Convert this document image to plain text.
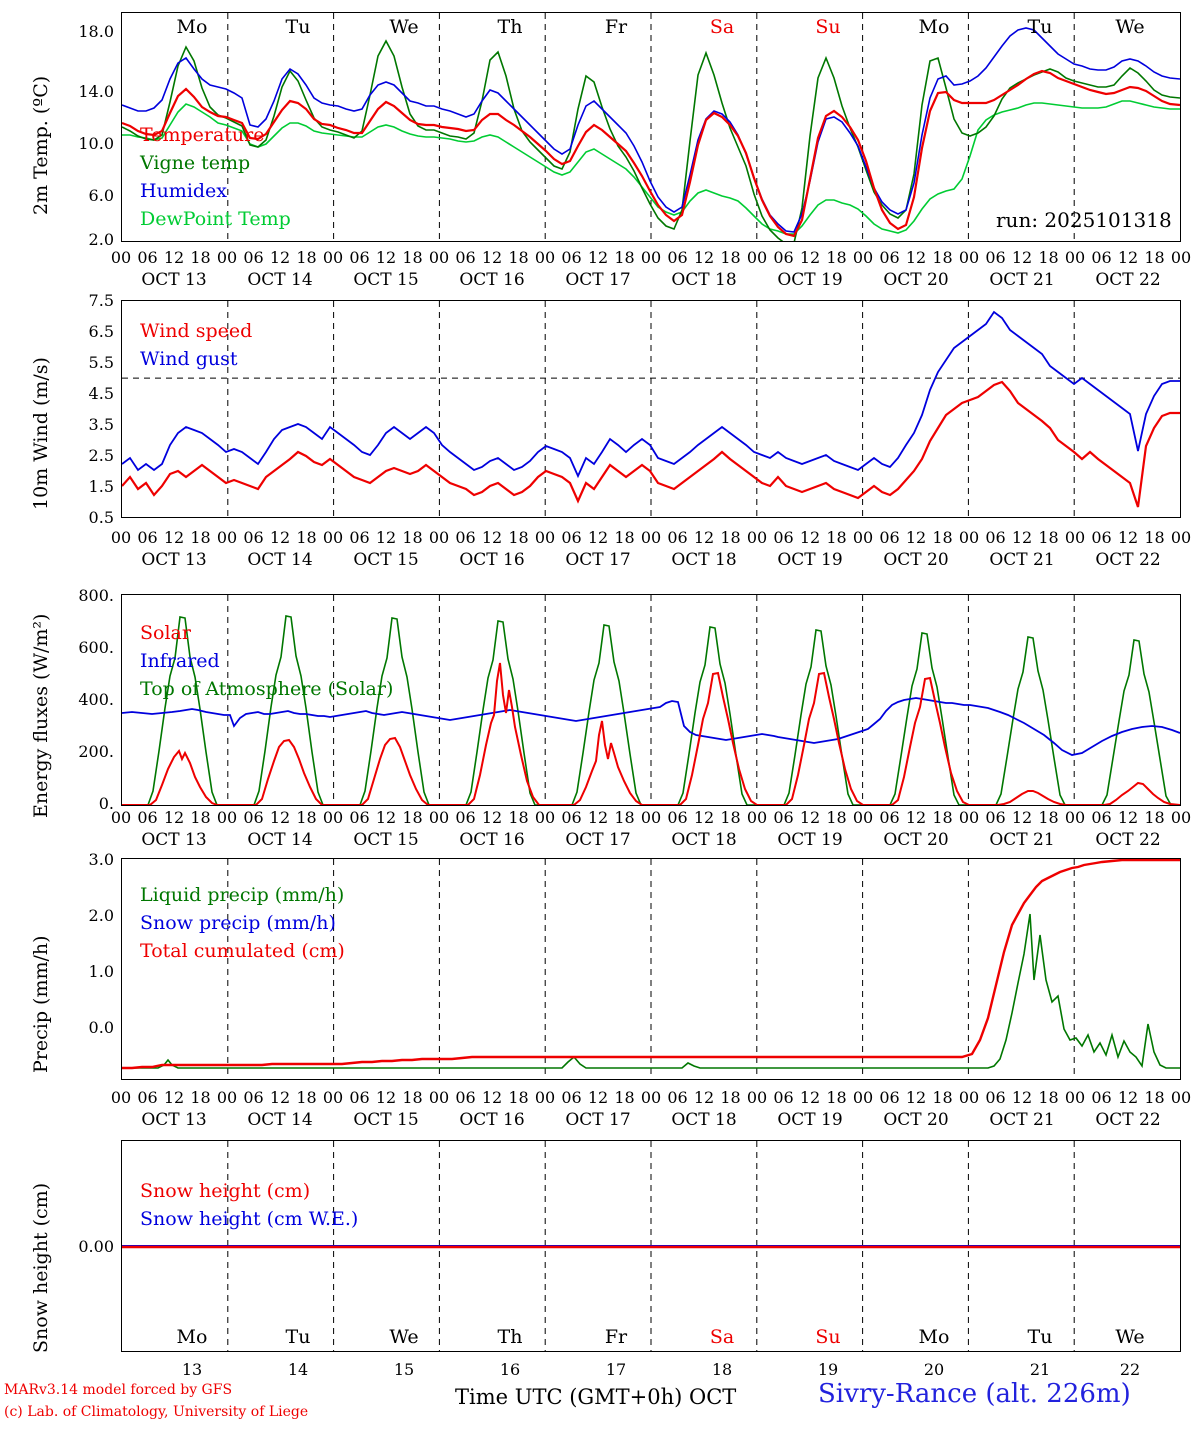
2m Temp. (ºC)
18.0
14.0
10.0
6.0
2.0
Mo	Tu	We	Th	Fr	Sa	Su	Mo	Tu	We
Temperature
Vigne temp
Humidex
DewPoint Temp	run: 2025101318
10m Wind (m/s)
7.5
6.5
5.5
4.5
3.5
2.5
1.5
0.5
Wind speed
Wind gust
Energy fluxes (W/m²)
800.
600.
400.
200.
0.
Solar
Infrared
Top of Atmosphere (Solar)
Precip (mm/h)
3.0
2.0
1.0
0.0
Liquid precip (mm/h)
Snow precip (mm/h)
Total cumulated (cm)
Snow height (cm)	0.00
Snow height (cm)
Snow height (cm W.E.)
Mo	Tu	We	Th	Fr	Sa	Su	Mo	Tu	We
13	14	15	16	17	18	19	20	21	22
00 06 12 18 00 06 12 18 00 06 12 18 00 06 12 18 00 06 12 18 00 06 12 18 00 06 12 18 00 06 12 18 00 06 12 18 00 06 12 18 00
OCT 13	OCT 14	OCT 15	OCT 16	OCT 17	OCT 18	OCT 19	OCT 20	OCT 21	OCT 22
00 06 12 18 00 06 12 18 00 06 12 18 00 06 12 18 00 06 12 18 00 06 12 18 00 06 12 18 00 06 12 18 00 06 12 18 00 06 12 18 00
OCT 13	OCT 14	OCT 15	OCT 16	OCT 17	OCT 18	OCT 19	OCT 20	OCT 21	OCT 22
00 06 12 18 00 06 12 18 00 06 12 18 00 06 12 18 00 06 12 18 00 06 12 18 00 06 12 18 00 06 12 18 00 06 12 18 00 06 12 18 00
OCT 13	OCT 14	OCT 15	OCT 16	OCT 17	OCT 18	OCT 19	OCT 20	OCT 21	OCT 22
00 06 12 18 00 06 12 18 00 06 12 18 00 06 12 18 00 06 12 18 00 06 12 18 00 06 12 18 00 06 12 18 00 06 12 18 00 06 12 18 00
OCT 13	OCT 14	OCT 15	OCT 16	OCT 17	OCT 18	OCT 19	OCT 20	OCT 21	OCT 22
MARv3.14 model forced by GFS
(c) Lab. of Climatology, University of Liege
Time UTC (GMT+0h) OCT	Sivry-Rance (alt. 226m)
